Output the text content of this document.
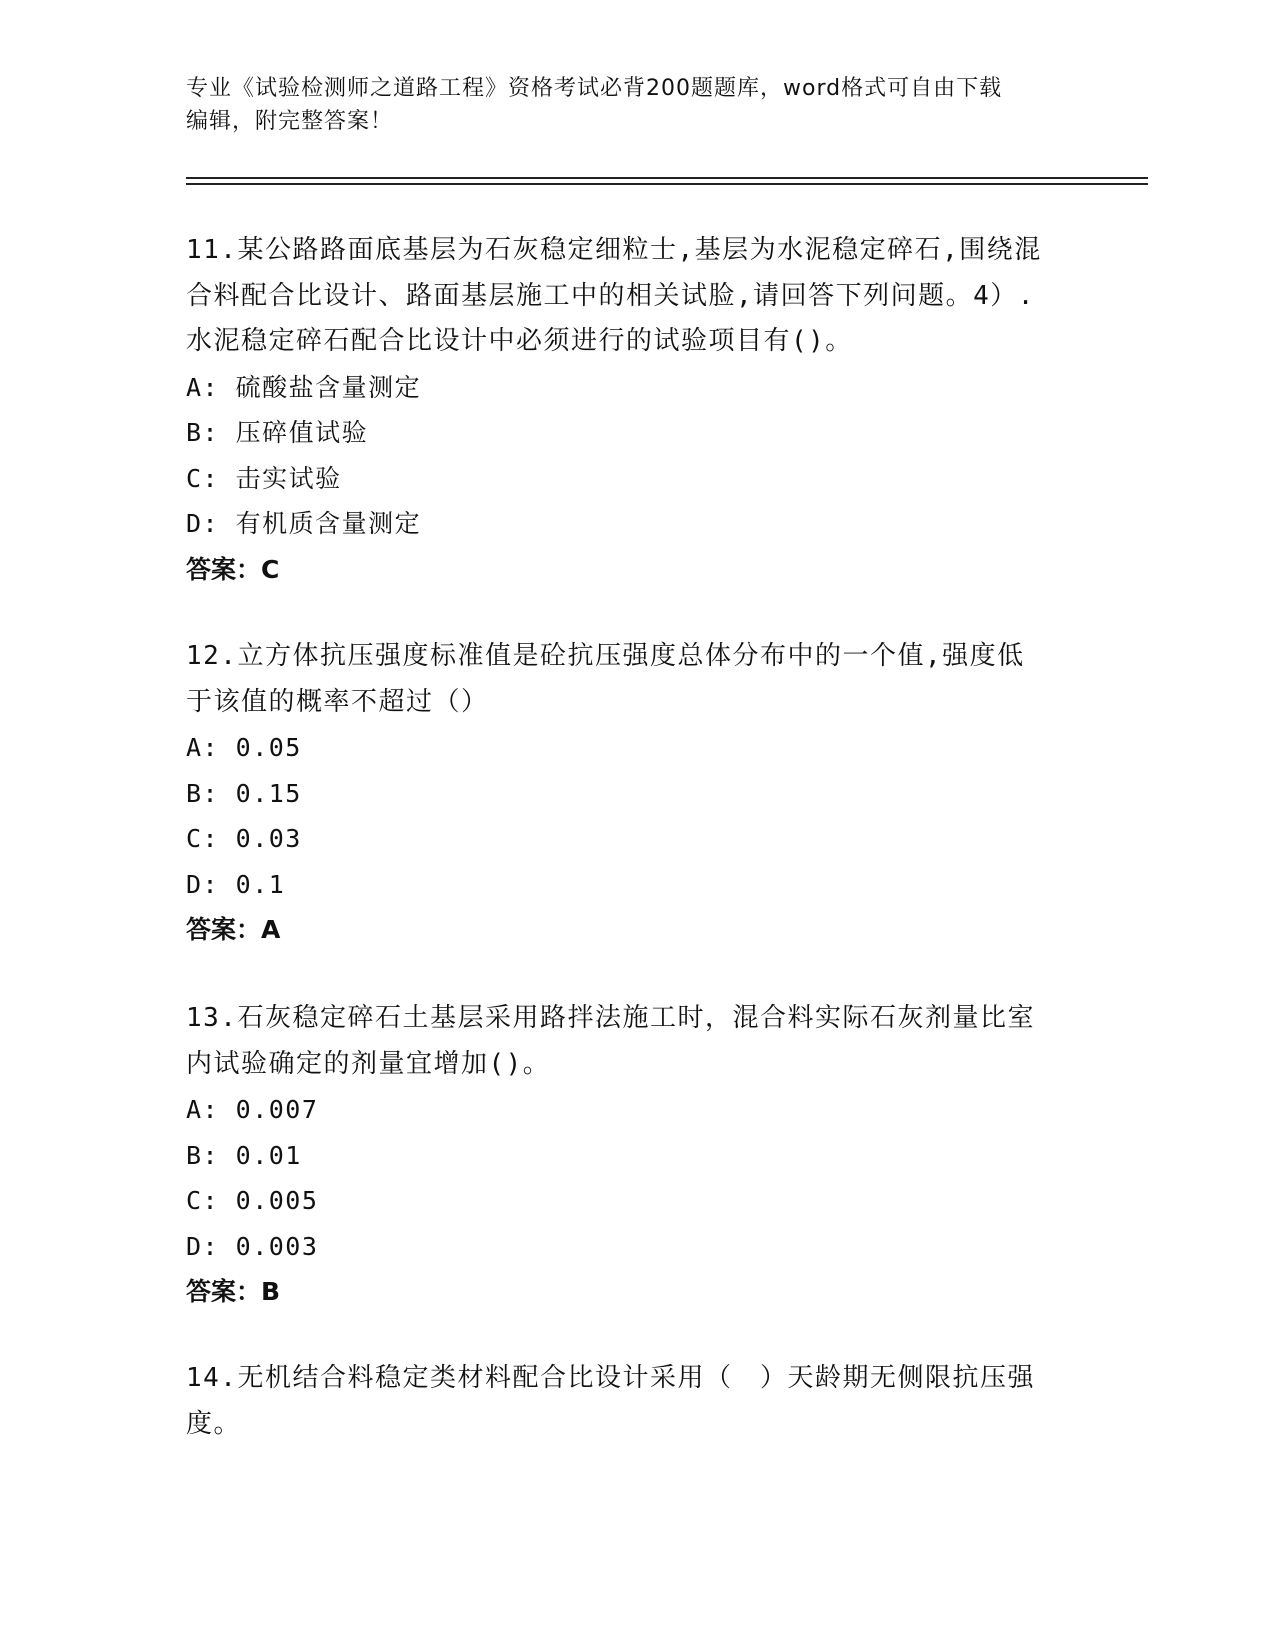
专业《试验检测师之道路工程》资格考试必背200题题库，word格式可自由下载
编辑，附完整答案！

11.某公路路面底基层为石灰稳定细粒士,基层为水泥稳定碎石,围绕混

合料配合比设计、路面基层施工中的相关试脸,请回答下列问题。4）.

水泥稳定碎石配合比设计中必须进行的试验项目有()。

A: 硫酸盐含量测定

B: 压碎值试验

C: 击实试验

D: 有机质含量测定

答案：C

12.立方体抗压强度标准值是砼抗压强度总体分布中的一个值,强度低

于该值的概率不超过（）

A: 0.05

B: 0.15

C: 0.03

D: 0.1

答案：A

13.石灰稳定碎石土基层采用路拌法施工时，混合料实际石灰剂量比室

内试验确定的剂量宜增加()。

A: 0.007

B: 0.01

C: 0.005

D: 0.003

答案：B

14.无机结合料稳定类材料配合比设计采用（　）天龄期无侧限抗压强

度。
